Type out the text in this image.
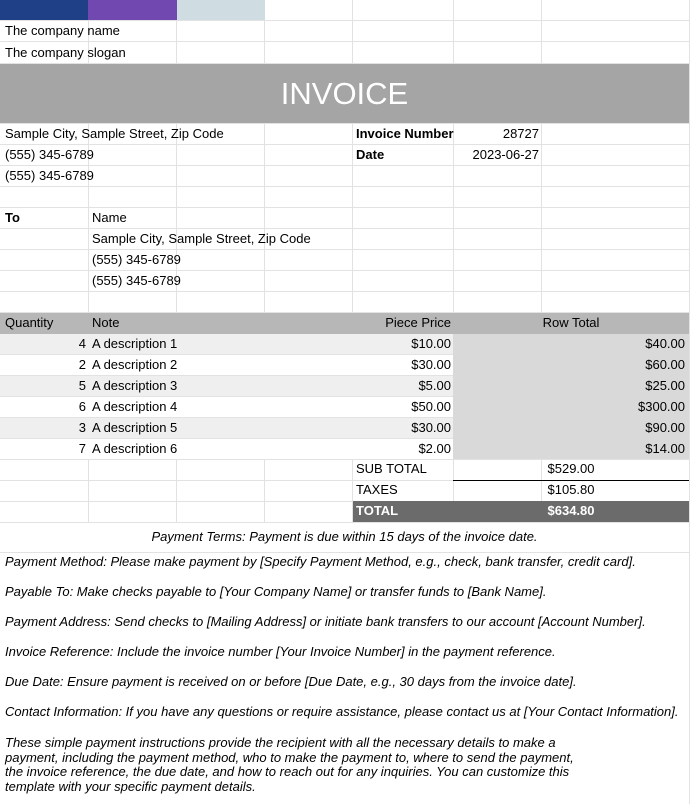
The company name
The company slogan
INVOICE
Sample City, Sample Street, Zip Code
(555) 345-6789
(555) 345-6789
Invoice Number	28727
Date	2023-06-27
To	Name
Sample City, Sample Street, Zip Code
(555) 345-6789
(555) 345-6789
Quantity	Note	Piece Price	Row Total
4 A description 1	$10.00	$40.00
2 A description 2	$30.00	$60.00
5 A description 3	$5.00	$25.00
6 A description 4	$50.00	$300.00
3 A description 5	$30.00	$90.00
7 A description 6	$2.00	$14.00
SUB TOTAL	$529.00
TAXES	$105.80
TOTAL	$634.80
Payment Terms: Payment is due within 15 days of the invoice date.
Payment Method: Please make payment by [Specify Payment Method, e.g., check, bank transfer, credit card].
Payable To: Make checks payable to [Your Company Name] or transfer funds to [Bank Name].
Payment Address: Send checks to [Mailing Address] or initiate bank transfers to our account [Account Number].
Invoice Reference: Include the invoice number [Your Invoice Number] in the payment reference.
Due Date: Ensure payment is received on or before [Due Date, e.g., 30 days from the invoice date].
Contact Information: If you have any questions or require assistance, please contact us at [Your Contact Information].
These simple payment instructions provide the recipient with all the necessary details to make a payment, including the payment method, who to make the payment to, where to send the payment, the invoice reference, the due date, and how to reach out for any inquiries. You can customize this template with your specific payment details.
